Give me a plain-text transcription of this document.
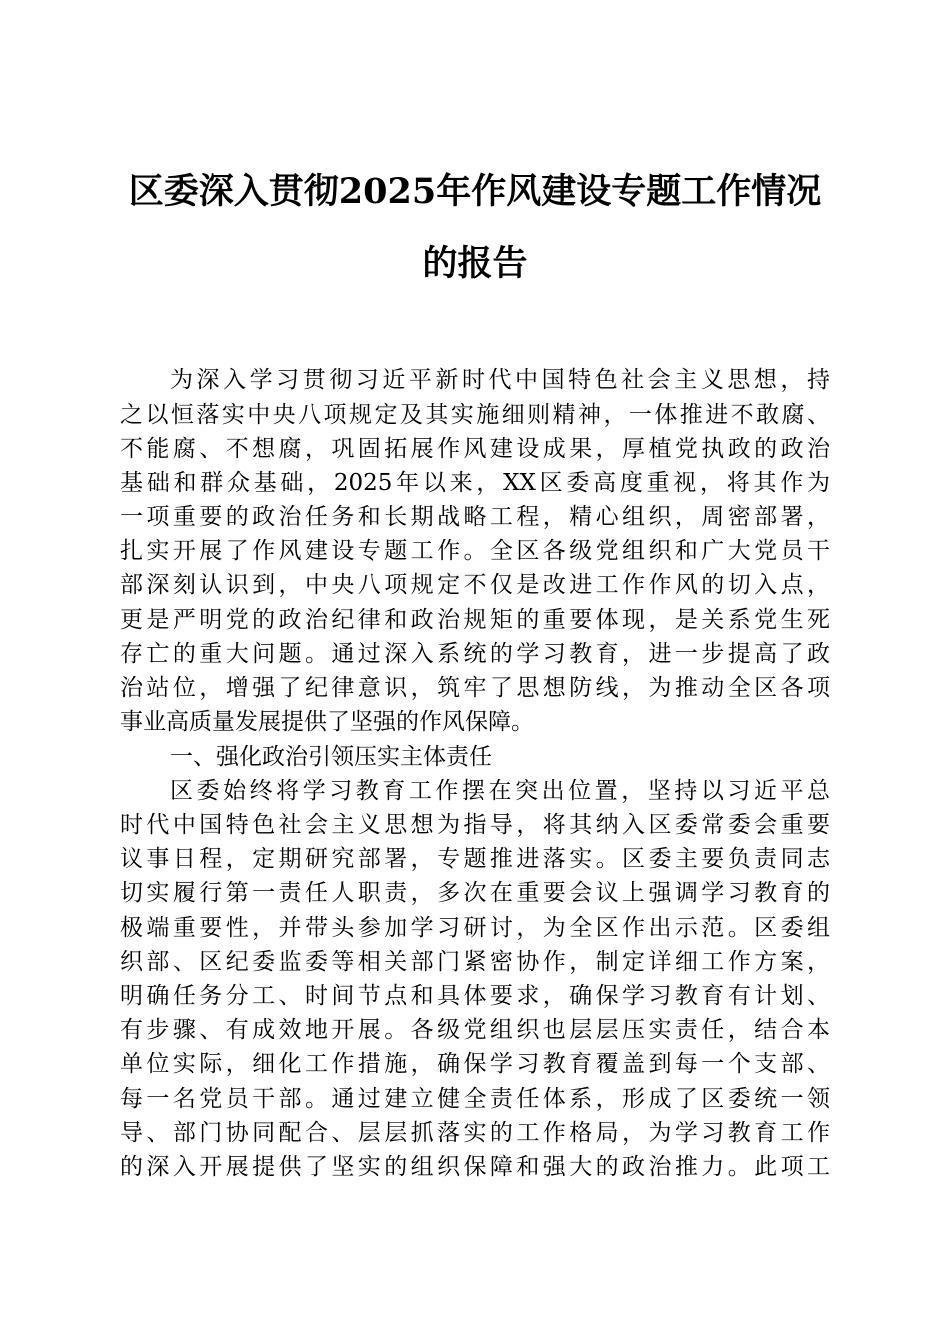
区委深入贯彻2025年作风建设专题工作情况
的报告

为深入学习贯彻习近平新时代中国特色社会主义思想，持

之以恒落实中央八项规定及其实施细则精神，一体推进不敢腐、

不能腐、不想腐，巩固拓展作风建设成果，厚植党执政的政治

基础和群众基础，2025年以来，XX区委高度重视，将其作为

一项重要的政治任务和长期战略工程，精心组织，周密部署，

扎实开展了作风建设专题工作。全区各级党组织和广大党员干

部深刻认识到，中央八项规定不仅是改进工作作风的切入点，

更是严明党的政治纪律和政治规矩的重要体现，是关系党生死

存亡的重大问题。通过深入系统的学习教育，进一步提高了政

治站位，增强了纪律意识，筑牢了思想防线，为推动全区各项

事业高质量发展提供了坚强的作风保障。

一、强化政治引领压实主体责任

区委始终将学习教育工作摆在突出位置，坚持以习近平总

时代中国特色社会主义思想为指导，将其纳入区委常委会重要

议事日程，定期研究部署，专题推进落实。区委主要负责同志

切实履行第一责任人职责，多次在重要会议上强调学习教育的

极端重要性，并带头参加学习研讨，为全区作出示范。区委组

织部、区纪委监委等相关部门紧密协作，制定详细工作方案，

明确任务分工、时间节点和具体要求，确保学习教育有计划、

有步骤、有成效地开展。各级党组织也层层压实责任，结合本

单位实际，细化工作措施，确保学习教育覆盖到每一个支部、

每一名党员干部。通过建立健全责任体系，形成了区委统一领

导、部门协同配合、层层抓落实的工作格局，为学习教育工作

的深入开展提供了坚实的组织保障和强大的政治推力。此项工
